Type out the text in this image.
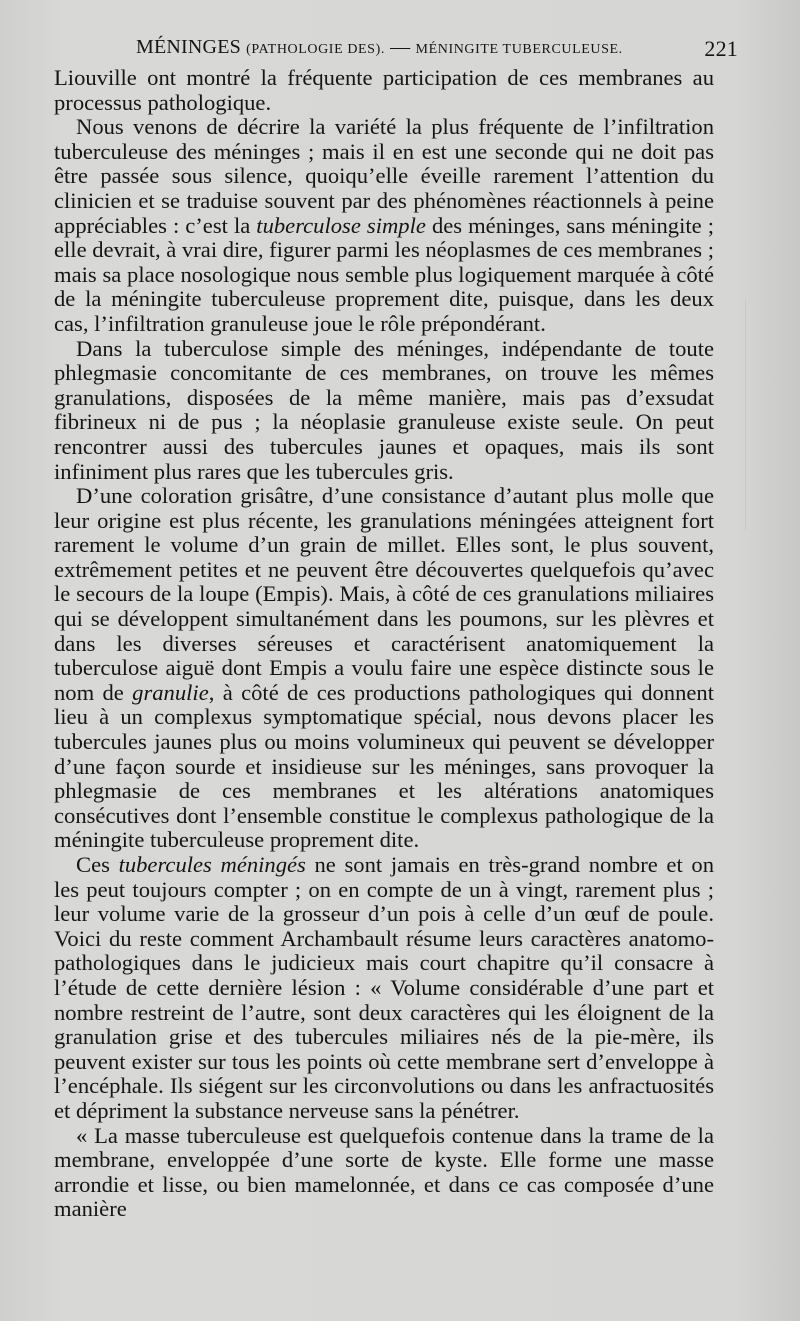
MÉNINGES (PATHOLOGIE DES). — MÉNINGITE TUBERCULEUSE.	221

Liouville ont montré la fréquente participation de ces membranes au processus pathologique.

Nous venons de décrire la variété la plus fréquente de l’infiltration tuberculeuse des méninges ; mais il en est une seconde qui ne doit pas être passée sous silence, quoiqu’elle éveille rarement l’attention du clinicien et se traduise souvent par des phénomènes réactionnels à peine appréciables : c’est la tuberculose simple des méninges, sans méningite ; elle devrait, à vrai dire, figurer parmi les néoplasmes de ces membranes ; mais sa place nosologique nous semble plus logiquement marquée à côté de la méningite tuberculeuse proprement dite, puisque, dans les deux cas, l’infiltration granuleuse joue le rôle prépondérant.

Dans la tuberculose simple des méninges, indépendante de toute phlegmasie concomitante de ces membranes, on trouve les mêmes granulations, disposées de la même manière, mais pas d’exsudat fibrineux ni de pus ; la néoplasie granuleuse existe seule. On peut rencontrer aussi des tubercules jaunes et opaques, mais ils sont infiniment plus rares que les tubercules gris.

D’une coloration grisâtre, d’une consistance d’autant plus molle que leur origine est plus récente, les granulations méningées atteignent fort rarement le volume d’un grain de millet. Elles sont, le plus souvent, extrêmement petites et ne peuvent être découvertes quelquefois qu’avec le secours de la loupe (Empis). Mais, à côté de ces granulations miliaires qui se développent simultanément dans les poumons, sur les plèvres et dans les diverses séreuses et caractérisent anatomiquement la tuberculose aiguë dont Empis a voulu faire une espèce distincte sous le nom de granulie, à côté de ces productions pathologiques qui donnent lieu à un complexus symptomatique spécial, nous devons placer les tubercules jaunes plus ou moins volumineux qui peuvent se développer d’une façon sourde et insidieuse sur les méninges, sans provoquer la phlegmasie de ces membranes et les altérations anatomiques consécutives dont l’ensemble constitue le complexus pathologique de la méningite tuberculeuse proprement dite.

Ces tubercules méningés ne sont jamais en très-grand nombre et on les peut toujours compter ; on en compte de un à vingt, rarement plus ; leur volume varie de la grosseur d’un pois à celle d’un œuf de poule. Voici du reste comment Archambault résume leurs caractères anatomo-pathologiques dans le judicieux mais court chapitre qu’il consacre à l’étude de cette dernière lésion : « Volume considérable d’une part et nombre restreint de l’autre, sont deux caractères qui les éloignent de la granulation grise et des tubercules miliaires nés de la pie-mère, ils peuvent exister sur tous les points où cette membrane sert d’enveloppe à l’encéphale. Ils siégent sur les circonvolutions ou dans les anfractuosités et dépriment la substance nerveuse sans la pénétrer.

« La masse tuberculeuse est quelquefois contenue dans la trame de la membrane, enveloppée d’une sorte de kyste. Elle forme une masse arrondie et lisse, ou bien mamelonnée, et dans ce cas composée d’une manière
